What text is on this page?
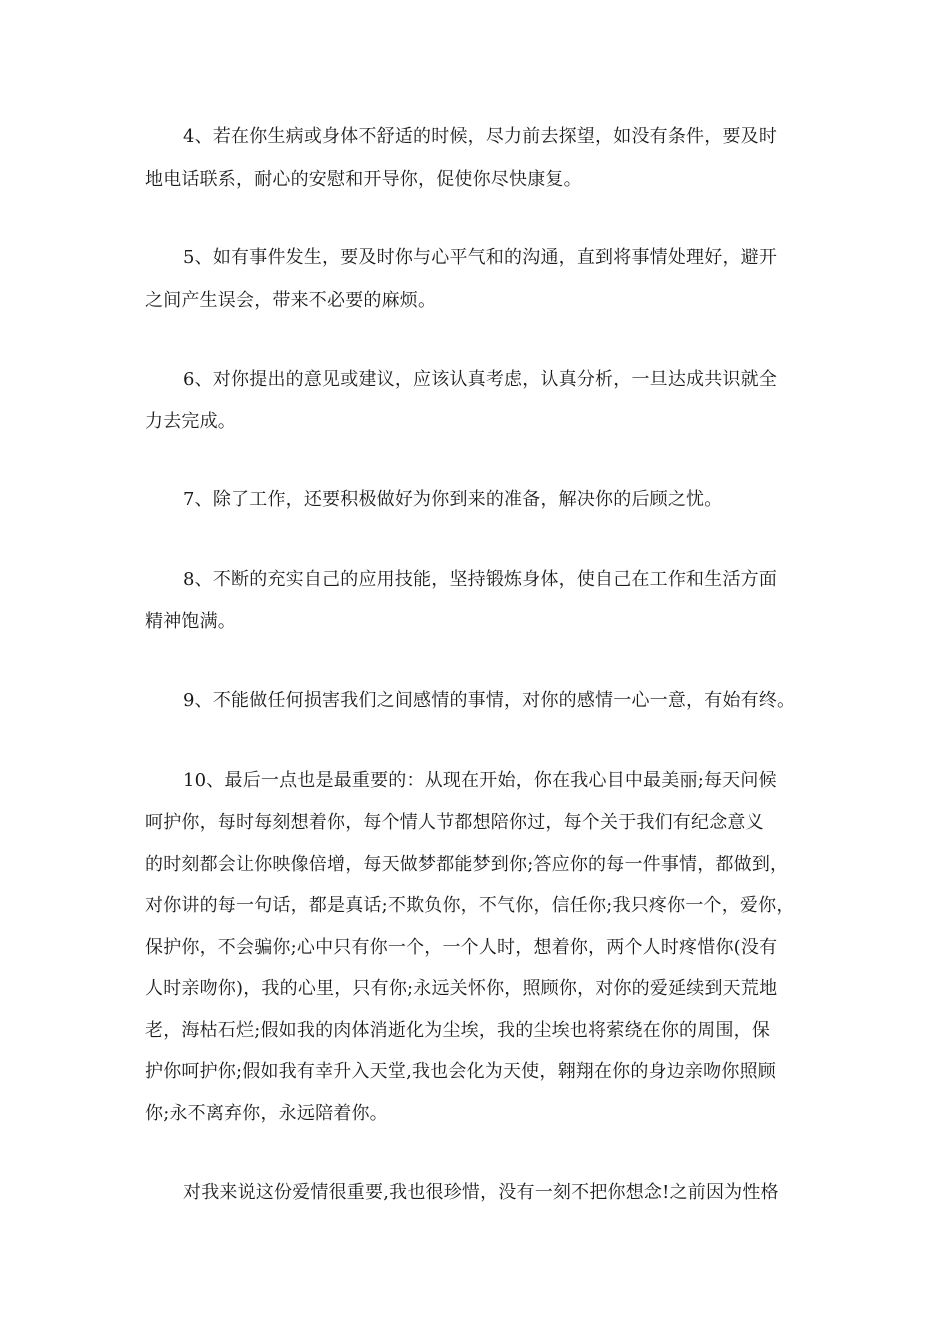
4、若在你生病或身体不舒适的时候，尽力前去探望，如没有条件，要及时
地电话联系，耐心的安慰和开导你，促使你尽快康复。
5、如有事件发生，要及时你与心平气和的沟通，直到将事情处理好，避开
之间产生误会，带来不必要的麻烦。
6、对你提出的意见或建议，应该认真考虑，认真分析，一旦达成共识就全
力去完成。
7、除了工作，还要积极做好为你到来的准备，解决你的后顾之忧。
8、不断的充实自己的应用技能，坚持锻炼身体，使自己在工作和生活方面
精神饱满。
9、不能做任何损害我们之间感情的事情，对你的感情一心一意，有始有终。
10、最后一点也是最重要的：从现在开始，你在我心目中最美丽;每天问候
呵护你，每时每刻想着你，每个情人节都想陪你过，每个关于我们有纪念意义
的时刻都会让你映像倍增，每天做梦都能梦到你;答应你的每一件事情，都做到，
对你讲的每一句话，都是真话;不欺负你，不气你，信任你;我只疼你一个，爱你，
保护你，不会骗你;心中只有你一个，一个人时，想着你，两个人时疼惜你(没有
人时亲吻你)，我的心里，只有你;永远关怀你，照顾你，对你的爱延续到天荒地
老，海枯石烂;假如我的肉体消逝化为尘埃，我的尘埃也将萦绕在你的周围，保
护你呵护你;假如我有幸升入天堂,我也会化为天使，翱翔在你的身边亲吻你照顾
你;永不离弃你，永远陪着你。
对我来说这份爱情很重要,我也很珍惜，没有一刻不把你想念!之前因为性格
